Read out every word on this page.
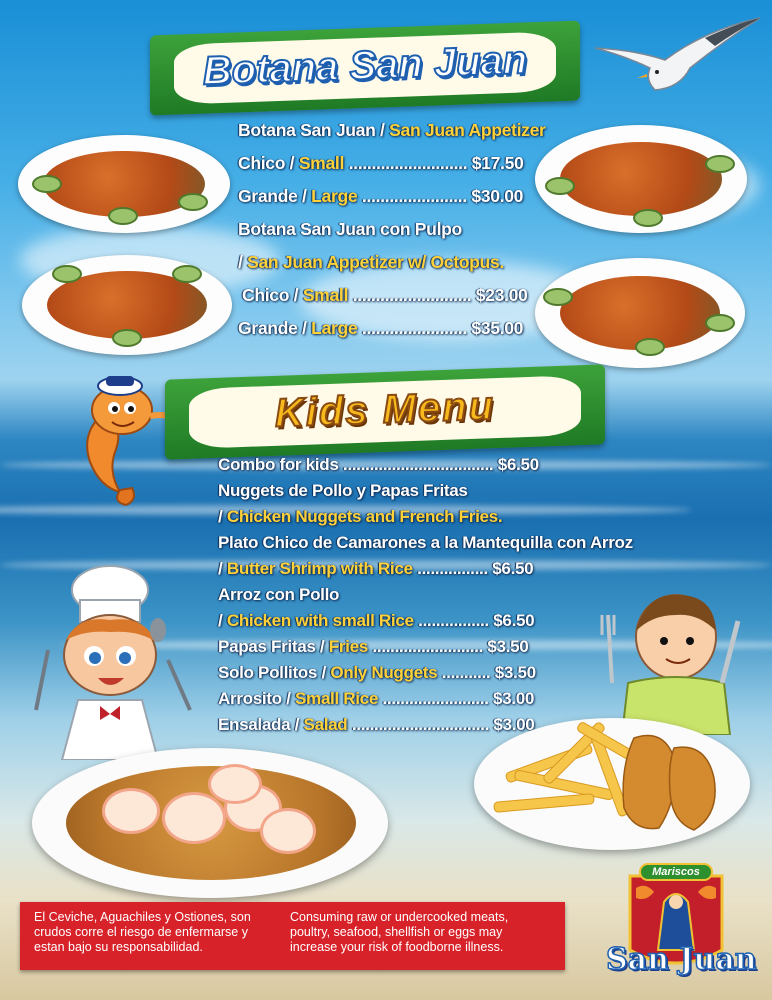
Botana San Juan
Botana San Juan / San Juan Appetizer
Chico / Small .......................... $17.50
Grande / Large ....................... $30.00
Botana San Juan con Pulpo
/ San Juan Appetizer w/ Octopus.
Chico / Small .......................... $23.00
Grande / Large ....................... $35.00
Kids Menu
Combo for kids .................................. $6.50
Nuggets de Pollo y Papas Fritas
/ Chicken Nuggets and French Fries.
Plato Chico de Camarones a la Mantequilla con Arroz
/ Butter Shrimp with Rice ................ $6.50
Arroz con Pollo
/ Chicken with small Rice ................ $6.50
Papas Fritas / Fries ......................... $3.50
Solo Pollitos / Only Nuggets ........... $3.50
Arrosito / Small Rice ........................ $3.00
Ensalada / Salad ............................... $3.00
El Ceviche, Aguachiles y Ostiones, son
crudos corre el riesgo de enfermarse y
estan bajo su responsabilidad.
Consuming raw or undercooked meats,
poultry, seafood, shellfish or eggs may
increase your risk of foodborne illness.
Mariscos
San Juan
